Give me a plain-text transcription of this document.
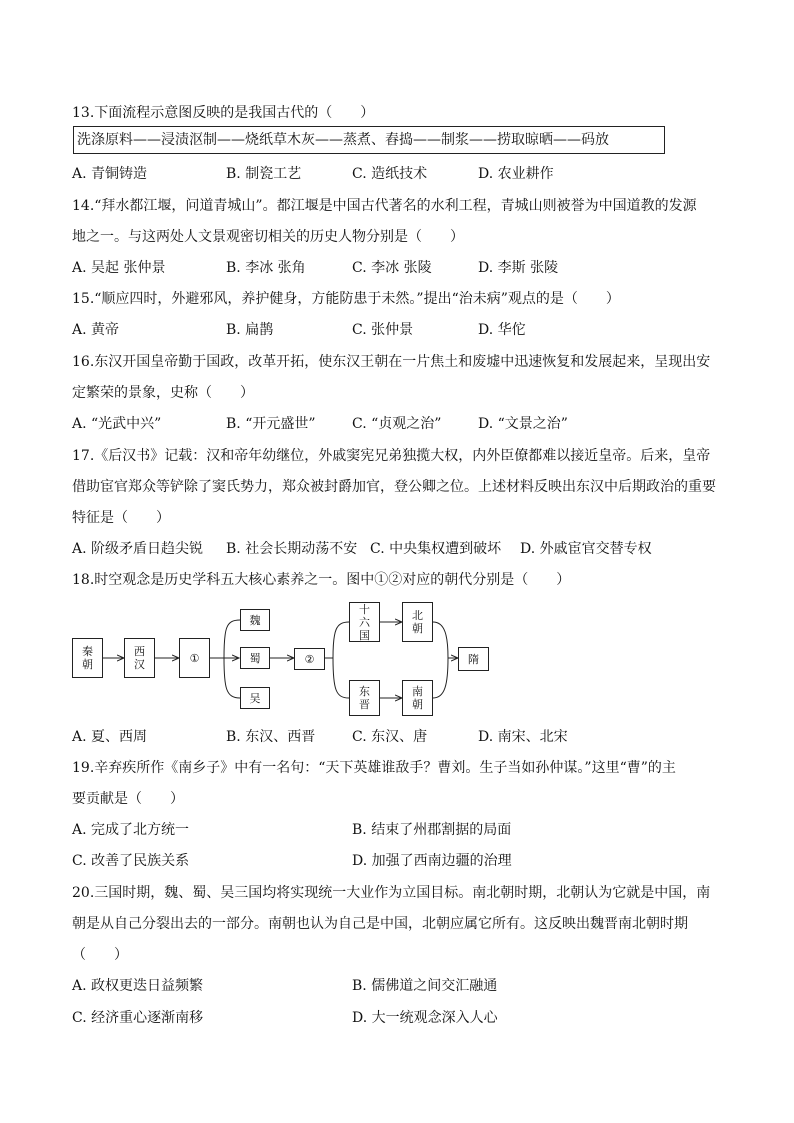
13.下面流程示意图反映的是我国古代的（　　）
洗涤原料——浸渍沤制——烧纸草木灰——蒸煮、舂捣——制浆——捞取晾晒——码放
A. 青铜铸造	B. 制瓷工艺	C. 造纸技术	D. 农业耕作
14.“拜水都江堰，问道青城山”。都江堰是中国古代著名的水利工程，青城山则被誉为中国道教的发源
地之一。与这两处人文景观密切相关的历史人物分别是（　　）
A. 吴起 张仲景	B. 李冰 张角	C. 李冰 张陵	D. 李斯 张陵
15.“顺应四时，外避邪风，养护健身，方能防患于未然。”提出“治未病”观点的是（　　）
A. 黄帝	B. 扁鹊	C. 张仲景	D. 华佗
16.东汉开国皇帝勤于国政，改革开拓，使东汉王朝在一片焦土和废墟中迅速恢复和发展起来，呈现出安
定繁荣的景象，史称（　　）
A. “光武中兴”	B. “开元盛世”	C. “贞观之治”	D. “文景之治”
17.《后汉书》记载：汉和帝年幼继位，外戚窦宪兄弟独揽大权，内外臣僚都难以接近皇帝。后来，皇帝
借助宦官郑众等铲除了窦氏势力，郑众被封爵加官，登公卿之位。上述材料反映出东汉中后期政治的重要
特征是（　　）
A. 阶级矛盾日趋尖锐 B. 社会长期动荡不安 C. 中央集权遭到破坏 D. 外戚宦官交替专权
18.时空观念是历史学科五大核心素养之一。图中①②对应的朝代分别是（　　）
秦朝
西汉	①
魏
蜀
吴
②
十六国
北朝
东晋
南朝
隋
A. 夏、西周	B. 东汉、西晋	C. 东汉、唐	D. 南宋、北宋
19.辛弃疾所作《南乡子》中有一名句：“天下英雄谁敌手？曹刘。生子当如孙仲谋。”这里“曹”的主
要贡献是（　　）
A. 完成了北方统一	B. 结束了州郡割据的局面
C. 改善了民族关系	D. 加强了西南边疆的治理
20.三国时期，魏、蜀、吴三国均将实现统一大业作为立国目标。南北朝时期，北朝认为它就是中国，南
朝是从自己分裂出去的一部分。南朝也认为自己是中国，北朝应属它所有。这反映出魏晋南北朝时期
（　　）
A. 政权更迭日益频繁	B. 儒佛道之间交汇融通
C. 经济重心逐渐南移	D. 大一统观念深入人心
